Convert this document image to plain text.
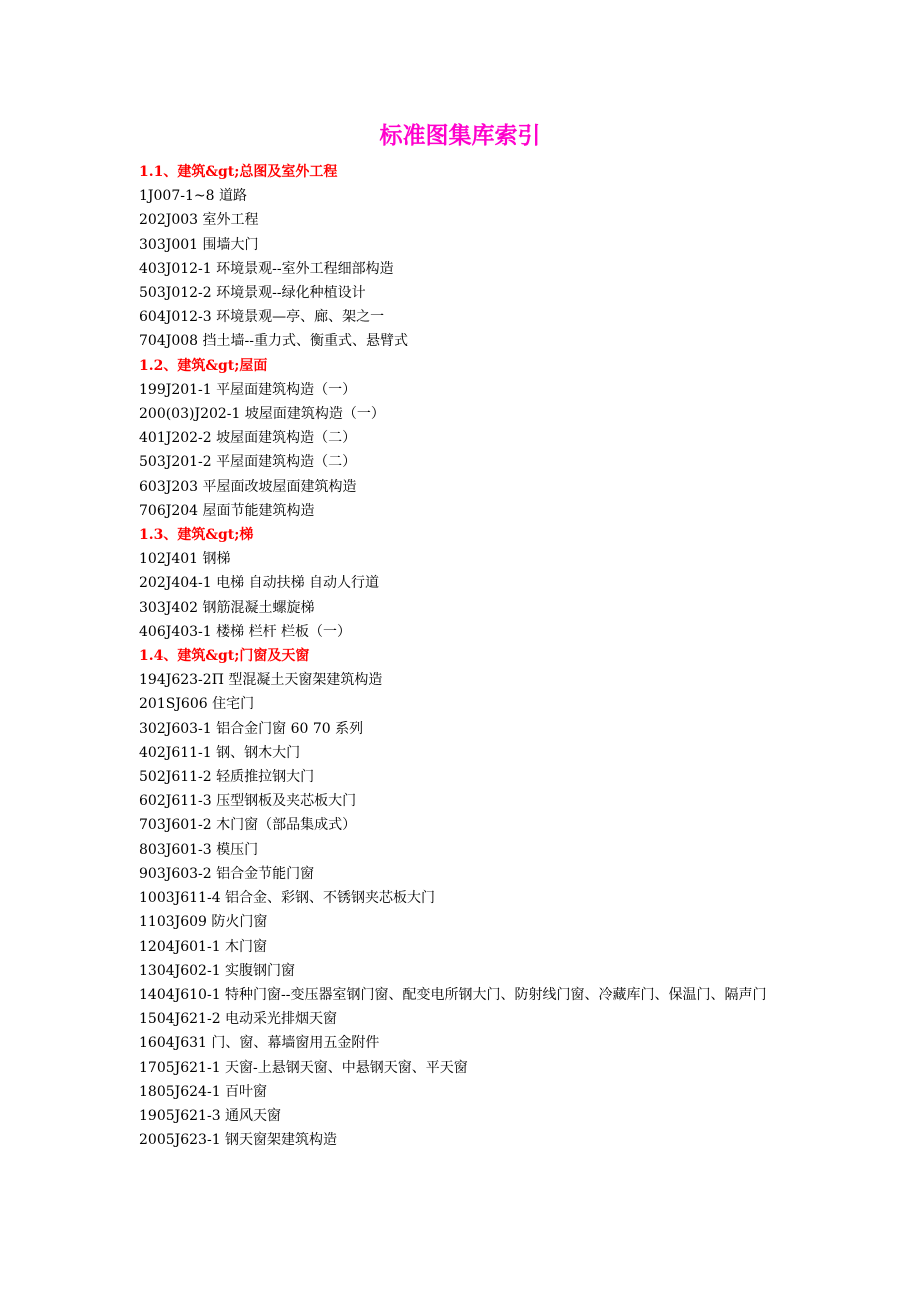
标准图集库索引
1.1、建筑&gt;总图及室外工程
1J007-1~8 道路
202J003 室外工程
303J001 围墙大门
403J012-1 环境景观--室外工程细部构造
503J012-2 环境景观--绿化种植设计
604J012-3 环境景观—亭、廊、架之一
704J008 挡土墙--重力式、衡重式、悬臂式
1.2、建筑&gt;屋面
199J201-1 平屋面建筑构造（一）
200(03)J202-1 坡屋面建筑构造（一）
401J202-2 坡屋面建筑构造（二）
503J201-2 平屋面建筑构造（二）
603J203 平屋面改坡屋面建筑构造
706J204 屋面节能建筑构造
1.3、建筑&gt;梯
102J401 钢梯
202J404-1 电梯 自动扶梯 自动人行道
303J402 钢筋混凝土螺旋梯
406J403-1 楼梯 栏杆 栏板（一）
1.4、建筑&gt;门窗及天窗
194J623-2Π 型混凝土天窗架建筑构造
201SJ606 住宅门
302J603-1 铝合金门窗 60 70 系列
402J611-1 钢、钢木大门
502J611-2 轻质推拉钢大门
602J611-3 压型钢板及夹芯板大门
703J601-2 木门窗（部品集成式）
803J601-3 模压门
903J603-2 铝合金节能门窗
1003J611-4 铝合金、彩钢、不锈钢夹芯板大门
1103J609 防火门窗
1204J601-1 木门窗
1304J602-1 实腹钢门窗
1404J610-1 特种门窗--变压器室钢门窗、配变电所钢大门、防射线门窗、冷藏库门、保温门、隔声门
1504J621-2 电动采光排烟天窗
1604J631 门、窗、幕墙窗用五金附件
1705J621-1 天窗-上悬钢天窗、中悬钢天窗、平天窗
1805J624-1 百叶窗
1905J621-3 通风天窗
2005J623-1 钢天窗架建筑构造
